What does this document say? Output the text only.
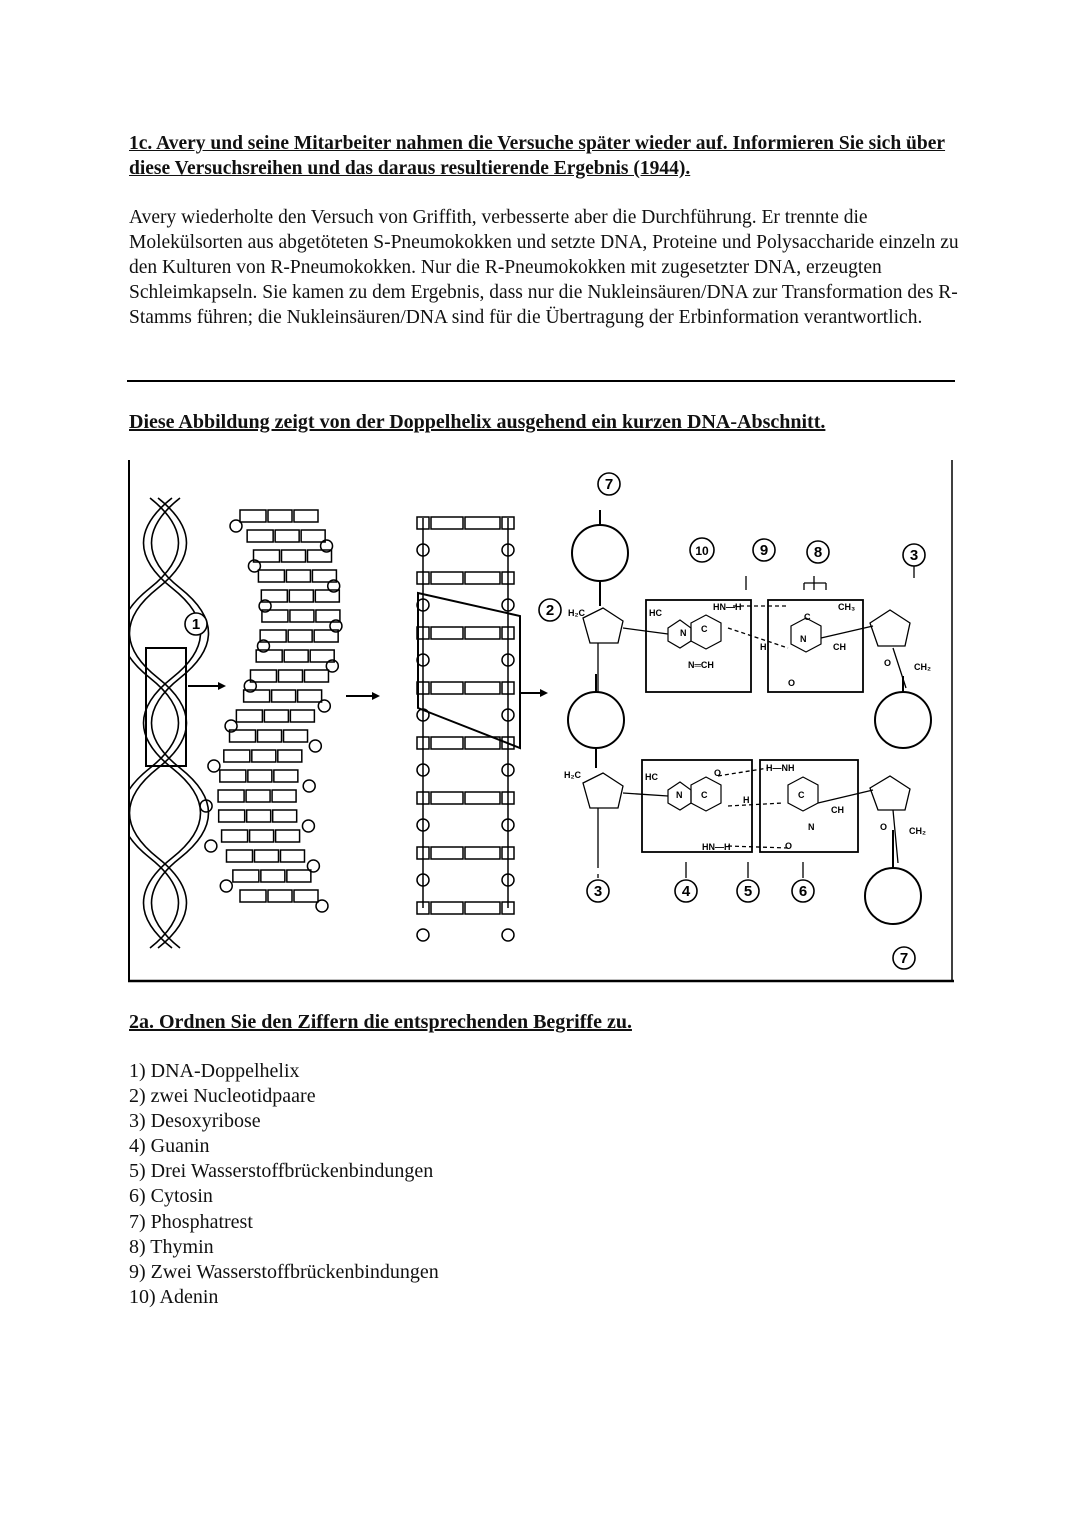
1c. Avery und seine Mitarbeiter nahmen die Versuche später wieder auf. Informieren Sie sich über diese Versuchsreihen und das daraus resultierende Ergebnis (1944).
Avery wiederholte den Versuch von Griffith, verbesserte aber die Durchführung. Er trennte die Molekülsorten aus abgetöteten S-Pneumokokken und setzte DNA, Proteine und Polysaccharide einzeln zu den Kulturen von R-Pneumokokken. Nur die R-Pneumokokken mit zugesetzter DNA, erzeugten Schleimkapseln. Sie kamen zu dem Ergebnis, dass nur die Nukleinsäuren/DNA zur Transformation des R-Stamms führen; die Nukleinsäuren/DNA sind für die Übertragung der Erbinformation verantwortlich.
Diese Abbildung zeigt von der Doppelhelix ausgehend ein kurzen DNA-Abschnitt.
H₂C
H₂C
HC
HC
HN—H
HN—H
N═CH
H—NH
CH₃
CH
CH
CH₂
CH₂
O
O
O
O
O
N
N
N
N
C
C
C	C
H
H
1
2
3
3
4	5	6
7
7
8
9
10
2a. Ordnen Sie den Ziffern die entsprechenden Begriffe zu.
1) DNA-Doppelhelix
2) zwei Nucleotidpaare
3) Desoxyribose
4) Guanin
5) Drei Wasserstoffbrückenbindungen
6) Cytosin
7) Phosphatrest
8) Thymin
9) Zwei Wasserstoffbrückenbindungen
10) Adenin
